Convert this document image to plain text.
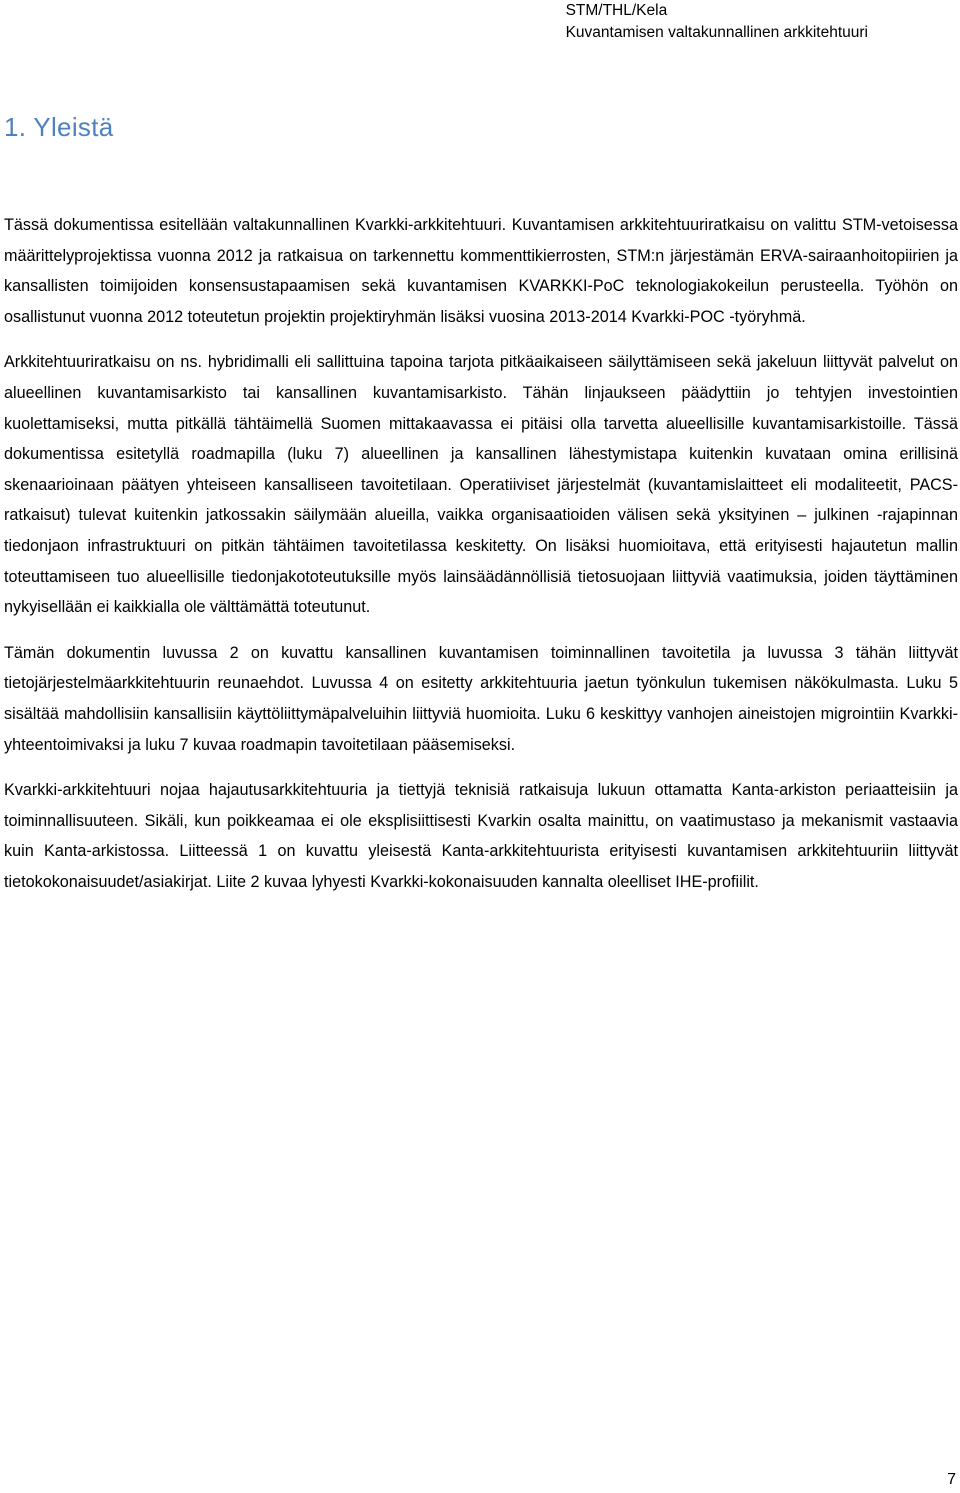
STM/THL/Kela
Kuvantamisen valtakunnallinen arkkitehtuuri
1. Yleistä

Tässä dokumentissa esitellään valtakunnallinen Kvarkki-arkkitehtuuri. Kuvantamisen arkkitehtuuriratkaisu on valittu STM-vetoisessa määrittelyprojektissa vuonna 2012 ja ratkaisua on tarkennettu kommenttikierrosten, STM:n järjestämän ERVA-sairaanhoitopiirien ja kansallisten toimijoiden konsensustapaamisen sekä kuvantamisen KVARKKI-PoC teknologiakokeilun perusteella. Työhön on osallistunut vuonna 2012 toteutetun projektin projektiryhmän lisäksi vuosina 2013-2014 Kvarkki-POC -työryhmä.

Arkkitehtuuriratkaisu on ns. hybridimalli eli sallittuina tapoina tarjota pitkäaikaiseen säilyttämiseen sekä jakeluun liittyvät palvelut on alueellinen kuvantamisarkisto tai kansallinen kuvantamisarkisto. Tähän linjaukseen päädyttiin jo tehtyjen investointien kuolettamiseksi, mutta pitkällä tähtäimellä Suomen mittakaavassa ei pitäisi olla tarvetta alueellisille kuvantamisarkistoille. Tässä dokumentissa esitetyllä roadmapilla (luku 7) alueellinen ja kansallinen lähestymistapa kuitenkin kuvataan omina erillisinä skenaarioinaan päätyen yhteiseen kansalliseen tavoitetilaan. Operatiiviset järjestelmät (kuvantamislaitteet eli modaliteetit, PACS-ratkaisut) tulevat kuitenkin jatkossakin säilymään alueilla, vaikka organisaatioiden välisen sekä yksityinen – julkinen -rajapinnan tiedonjaon infrastruktuuri on pitkän tähtäimen tavoitetilassa keskitetty. On lisäksi huomioitava, että erityisesti hajautetun mallin toteuttamiseen tuo alueellisille tiedonjakototeutuksille myös lainsäädännöllisiä tietosuojaan liittyviä vaatimuksia, joiden täyttäminen nykyisellään ei kaikkialla ole välttämättä toteutunut.

Tämän dokumentin luvussa 2 on kuvattu kansallinen kuvantamisen toiminnallinen tavoitetila ja luvussa 3 tähän liittyvät tietojärjestelmäarkkitehtuurin reunaehdot. Luvussa 4 on esitetty arkkitehtuuria jaetun työnkulun tukemisen näkökulmasta. Luku 5 sisältää mahdollisiin kansallisiin käyttöliittymäpalveluihin liittyviä huomioita. Luku 6 keskittyy vanhojen aineistojen migrointiin Kvarkki-yhteentoimivaksi ja luku 7 kuvaa roadmapin tavoitetilaan pääsemiseksi.

Kvarkki-arkkitehtuuri nojaa hajautusarkkitehtuuria ja tiettyjä teknisiä ratkaisuja lukuun ottamatta Kanta-arkiston periaatteisiin ja toiminnallisuuteen. Sikäli, kun poikkeamaa ei ole eksplisiittisesti Kvarkin osalta mainittu, on vaatimustaso ja mekanismit vastaavia kuin Kanta-arkistossa. Liitteessä 1 on kuvattu yleisestä Kanta-arkkitehtuurista erityisesti kuvantamisen arkkitehtuuriin liittyvät tietokokonaisuudet/asiakirjat. Liite 2 kuvaa lyhyesti Kvarkki-kokonaisuuden kannalta oleelliset IHE-profiilit.

7
